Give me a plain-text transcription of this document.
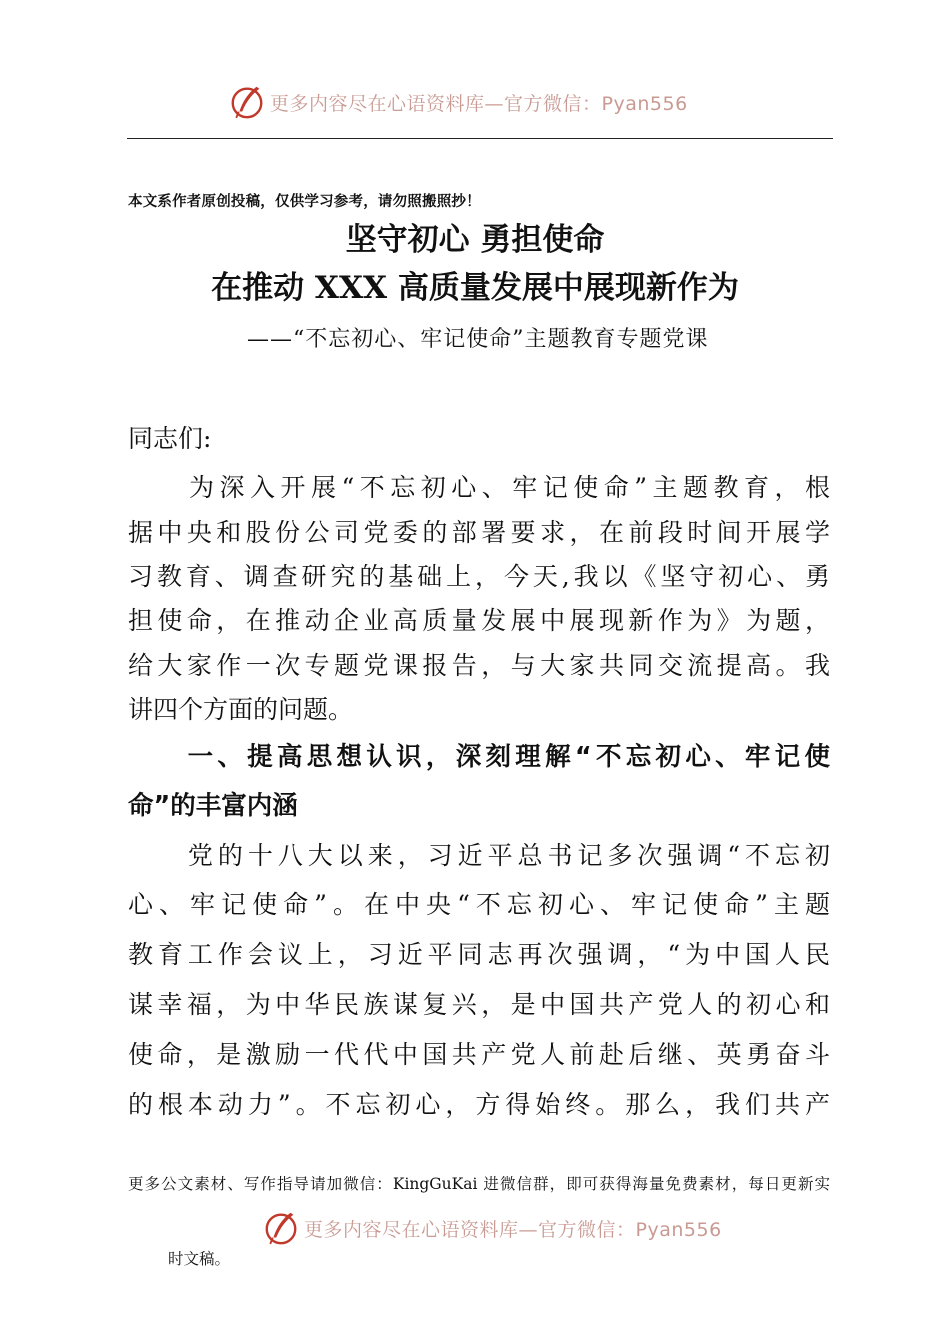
更多内容尽在心语资料库—官方微信：Pyan556
本文系作者原创投稿，仅供学习参考，请勿照搬照抄！
坚守初心 勇担使命
在推动 XXX 高质量发展中展现新作为
——“不忘初心、牢记使命”主题教育专题党课
同志们:
　　为深入开展“不忘初心、牢记使命”主题教育，根
据中央和股份公司党委的部署要求，在前段时间开展学
习教育、调查研究的基础上，今天,我以《坚守初心、勇
担使命，在推动企业高质量发展中展现新作为》为题，
给大家作一次专题党课报告，与大家共同交流提高。我
讲四个方面的问题。
　　一、提高思想认识，深刻理解“不忘初心、牢记使
命”的丰富内涵
　　党的十八大以来，习近平总书记多次强调“不忘初
心、牢记使命”。在中央“不忘初心、牢记使命”主题
教育工作会议上，习近平同志再次强调，“为中国人民
谋幸福，为中华民族谋复兴，是中国共产党人的初心和
使命，是激励一代代中国共产党人前赴后继、英勇奋斗
的根本动力”。不忘初心，方得始终。那么，我们共产
更多公文素材、写作指导请加微信：KingGuKai 进微信群，即可获得海量免费素材，每日更新实
更多内容尽在心语资料库—官方微信：Pyan556
时文稿。
